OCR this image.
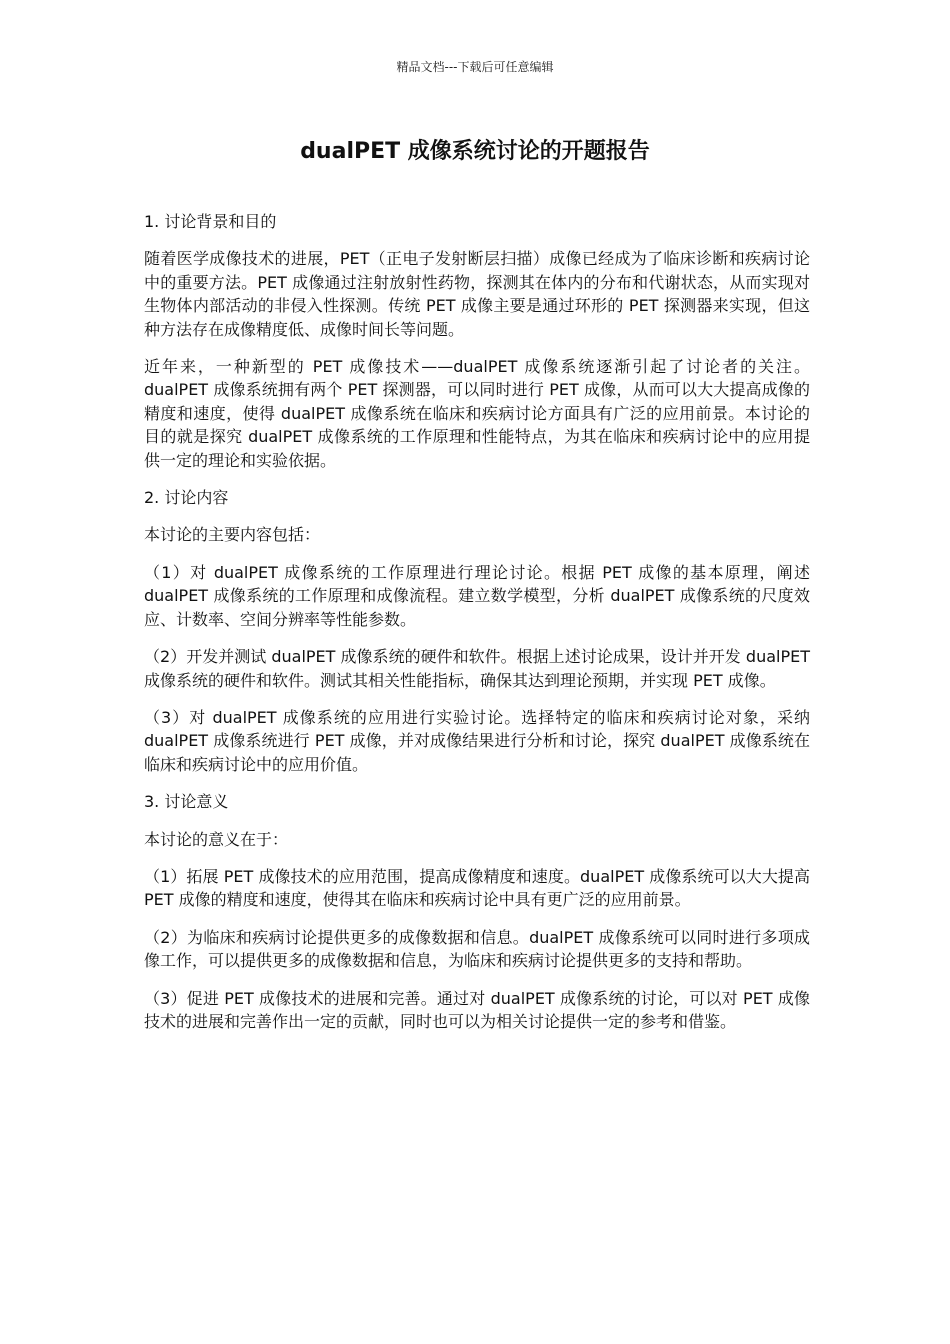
精品文档---下载后可任意编辑
dualPET 成像系统讨论的开题报告

1. 讨论背景和目的

随着医学成像技术的进展，PET（正电子发射断层扫描）成像已经成为了临床诊断和疾病讨论中的重要方法。PET 成像通过注射放射性药物，探测其在体内的分布和代谢状态，从而实现对生物体内部活动的非侵入性探测。传统 PET 成像主要是通过环形的 PET 探测器来实现，但这种方法存在成像精度低、成像时间长等问题。

近年来，一种新型的 PET 成像技术——dualPET 成像系统逐渐引起了讨论者的关注。dualPET 成像系统拥有两个 PET 探测器，可以同时进行 PET 成像，从而可以大大提高成像的精度和速度，使得 dualPET 成像系统在临床和疾病讨论方面具有广泛的应用前景。本讨论的目的就是探究 dualPET 成像系统的工作原理和性能特点，为其在临床和疾病讨论中的应用提供一定的理论和实验依据。

2. 讨论内容

本讨论的主要内容包括：

（1）对 dualPET 成像系统的工作原理进行理论讨论。根据 PET 成像的基本原理，阐述 dualPET 成像系统的工作原理和成像流程。建立数学模型，分析 dualPET 成像系统的尺度效应、计数率、空间分辨率等性能参数。

（2）开发并测试 dualPET 成像系统的硬件和软件。根据上述讨论成果，设计并开发 dualPET 成像系统的硬件和软件。测试其相关性能指标，确保其达到理论预期，并实现 PET 成像。

（3）对 dualPET 成像系统的应用进行实验讨论。选择特定的临床和疾病讨论对象，采纳 dualPET 成像系统进行 PET 成像，并对成像结果进行分析和讨论，探究 dualPET 成像系统在临床和疾病讨论中的应用价值。

3. 讨论意义

本讨论的意义在于：

（1）拓展 PET 成像技术的应用范围，提高成像精度和速度。dualPET 成像系统可以大大提高 PET 成像的精度和速度，使得其在临床和疾病讨论中具有更广泛的应用前景。

（2）为临床和疾病讨论提供更多的成像数据和信息。dualPET 成像系统可以同时进行多项成像工作，可以提供更多的成像数据和信息，为临床和疾病讨论提供更多的支持和帮助。

（3）促进 PET 成像技术的进展和完善。通过对 dualPET 成像系统的讨论，可以对 PET 成像技术的进展和完善作出一定的贡献，同时也可以为相关讨论提供一定的参考和借鉴。
